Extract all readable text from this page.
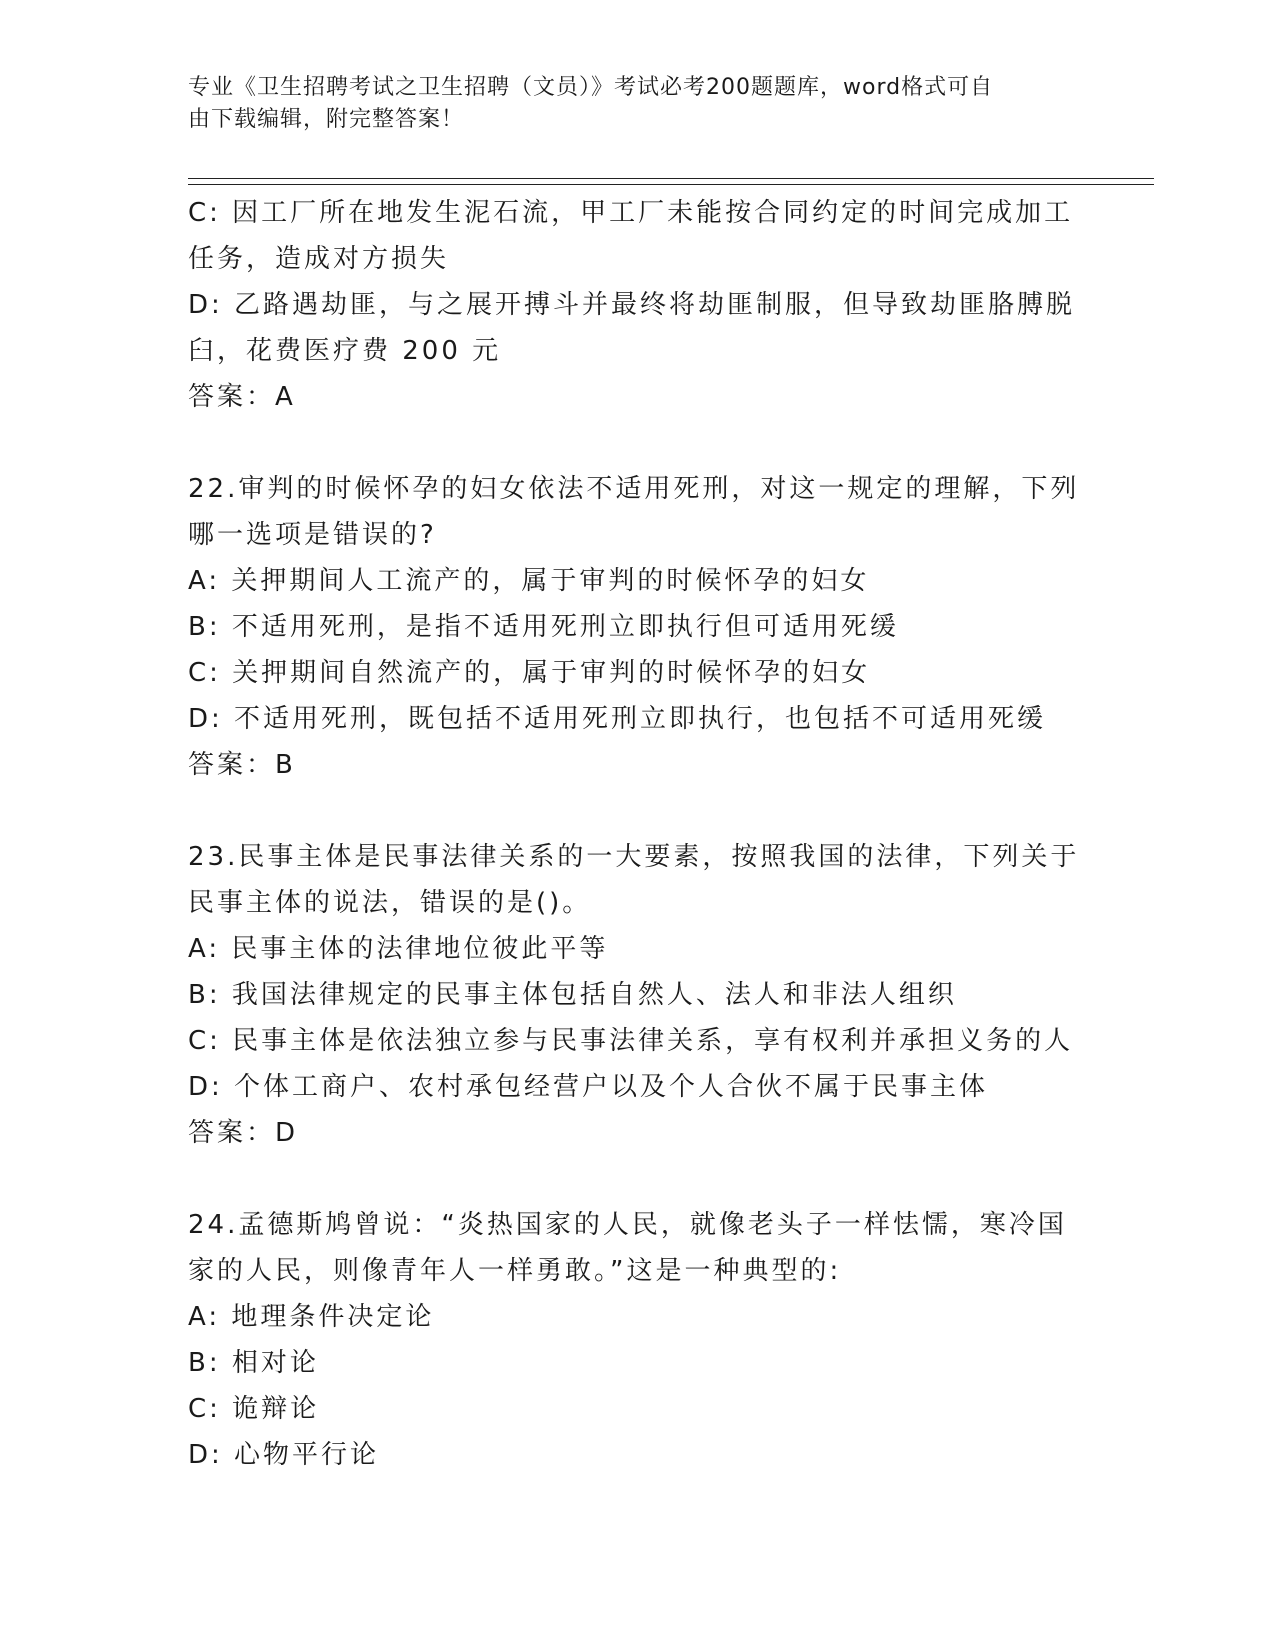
专业《卫生招聘考试之卫生招聘（文员）》考试必考200题题库，word格式可自
由下载编辑，附完整答案！
C: 因工厂所在地发生泥石流，甲工厂未能按合同约定的时间完成加工
任务，造成对方损失
D: 乙路遇劫匪，与之展开搏斗并最终将劫匪制服，但导致劫匪胳膊脱
臼，花费医疗费 200 元
答案：A
22.审判的时候怀孕的妇女依法不适用死刑，对这一规定的理解，下列
哪一选项是错误的?
A: 关押期间人工流产的，属于审判的时候怀孕的妇女
B: 不适用死刑，是指不适用死刑立即执行但可适用死缓
C: 关押期间自然流产的，属于审判的时候怀孕的妇女
D: 不适用死刑，既包括不适用死刑立即执行，也包括不可适用死缓
答案：B
23.民事主体是民事法律关系的一大要素，按照我国的法律，下列关于
民事主体的说法，错误的是()。
A: 民事主体的法律地位彼此平等
B: 我国法律规定的民事主体包括自然人、法人和非法人组织
C: 民事主体是依法独立参与民事法律关系，享有权利并承担义务的人
D: 个体工商户、农村承包经营户以及个人合伙不属于民事主体
答案：D
24.孟德斯鸠曾说：“炎热国家的人民，就像老头子一样怯懦，寒冷国
家的人民，则像青年人一样勇敢。”这是一种典型的:
A: 地理条件决定论
B: 相对论
C: 诡辩论
D: 心物平行论
